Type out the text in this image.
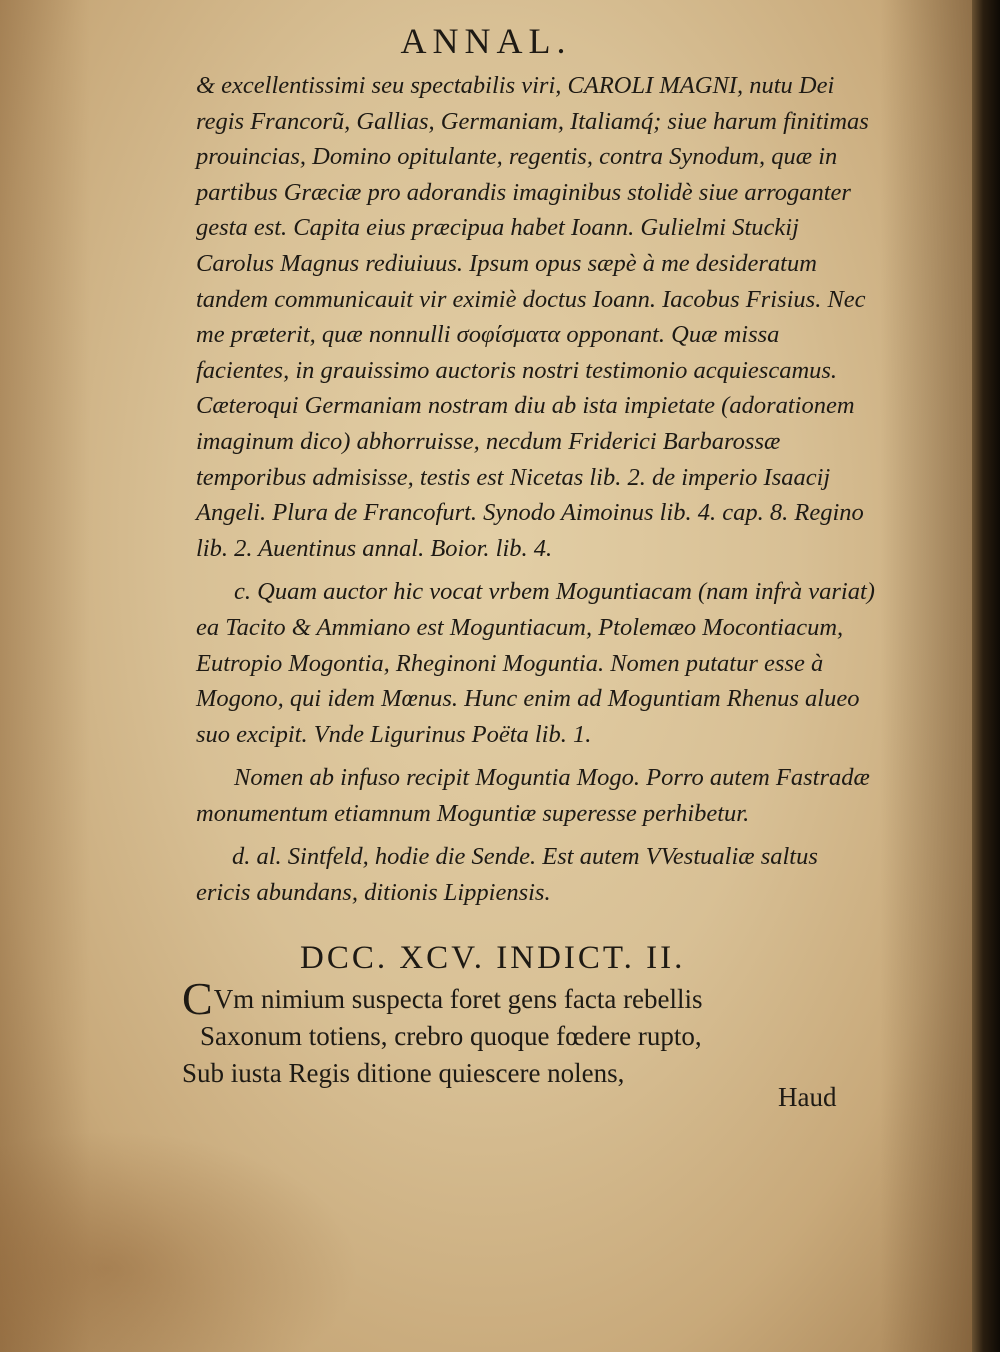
ANNAL.

& excellentissimi seu spectabilis viri, CAROLI MAGNI, nutu Dei regis Francorũ, Gallias, Germaniam, Italiamq́; siue harum finitimas prouincias, Domino opitulante, regentis, contra Synodum, quæ in partibus Græciæ pro adorandis imaginibus stolidè siue arroganter gesta est. Capita eius præcipua habet Ioann. Gulielmi Stuckij Carolus Magnus rediuiuus. Ipsum opus sæpè à me desideratum tandem communicauit vir eximiè doctus Ioann. Iacobus Frisius. Nec me præterit, quæ nonnulli σοφίσματα opponant. Quæ missa facientes, in grauissimo auctoris nostri testimonio acquiescamus. Cæteroqui Germaniam nostram diu ab ista impietate (adorationem imaginum dico) abhorruisse, necdum Friderici Barbarossæ temporibus admisisse, testis est Nicetas lib. 2. de imperio Isaacij Angeli. Plura de Francofurt. Synodo Aimoinus lib. 4. cap. 8. Regino lib. 2. Auentinus annal. Boior. lib. 4.

c. Quam auctor hic vocat vrbem Moguntiacam (nam infrà variat) ea Tacito & Ammiano est Moguntiacum, Ptolemæo Mocontiacum, Eutropio Mogontia, Rheginoni Moguntia. Nomen putatur esse à Mogono, qui idem Mœnus. Hunc enim ad Moguntiam Rhenus alueo suo excipit. Vnde Ligurinus Poëta lib. 1.

Nomen ab infuso recipit Moguntia Mogo. Porro autem Fastradæ monumentum etiamnum Moguntiæ superesse perhibetur.

d. al. Sintfeld, hodie die Sende. Est autem VVestualiæ saltus ericis abundans, ditionis Lippiensis.

DCC. XCV. INDICT. II.
CVm nimium suspecta foret gens facta rebellis
Saxonum totiens, crebro quoque fœdere rupto,
Sub iusta Regis ditione quiescere nolens,
Haud
